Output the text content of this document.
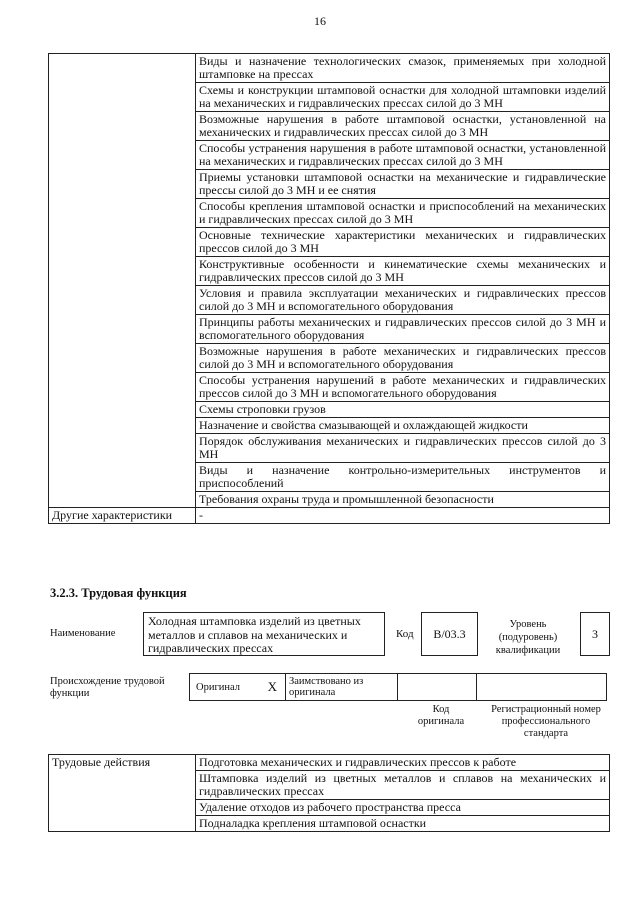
16
	Виды и назначение технологических смазок, применяемых при холодной штамповке на прессах
	Схемы и конструкции штамповой оснастки для холодной штамповки изделий на механических и гидравлических прессах силой до 3 МН
	Возможные нарушения в работе штамповой оснастки, установленной на механических и гидравлических прессах силой до 3 МН
	Способы устранения нарушения в работе штамповой оснастки, установленной на механических и гидравлических прессах силой до 3 МН
	Приемы установки штамповой оснастки на механические и гидравлические прессы силой до 3 МН и ее снятия
	Способы крепления штамповой оснастки и приспособлений на механических и гидравлических прессах силой до 3 МН
	Основные технические характеристики механических и гидравлических прессов силой до 3 МН
	Конструктивные особенности и кинематические схемы механических и гидравлических прессов силой до 3 МН
	Условия и правила эксплуатации механических и гидравлических прессов силой до 3 МН и вспомогательного оборудования
	Принципы работы механических и гидравлических прессов силой до 3 МН и вспомогательного оборудования
	Возможные нарушения в работе механических и гидравлических прессов силой до 3 МН и вспомогательного оборудования
	Способы устранения нарушений в работе механических и гидравлических прессов силой до 3 МН и вспомогательного оборудования
	Схемы строповки грузов
	Назначение и свойства смазывающей и охлаждающей жидкости
	Порядок обслуживания механических и гидравлических прессов силой до 3 МН
	Виды и назначение контрольно-измерительных инструментов и приспособлений
	Требования охраны труда и промышленной безопасности
Другие характеристики	-
3.2.3. Трудовая функция
Наименование
Холодная штамповка изделий из цветных металлов и сплавов на механических и гидравлических прессах
Код	В/03.3
Уровень (подуровень) квалификации
3
Происхождение трудовой функции
Оригинал X	Заимствовано из оригинала
Код оригинала
Регистрационный номер профессионального стандарта
Трудовые действия	Подготовка механических и гидравлических прессов к работе
Штамповка изделий из цветных металлов и сплавов на механических и гидравлических прессах
Удаление отходов из рабочего пространства пресса
Подналадка крепления штамповой оснастки
